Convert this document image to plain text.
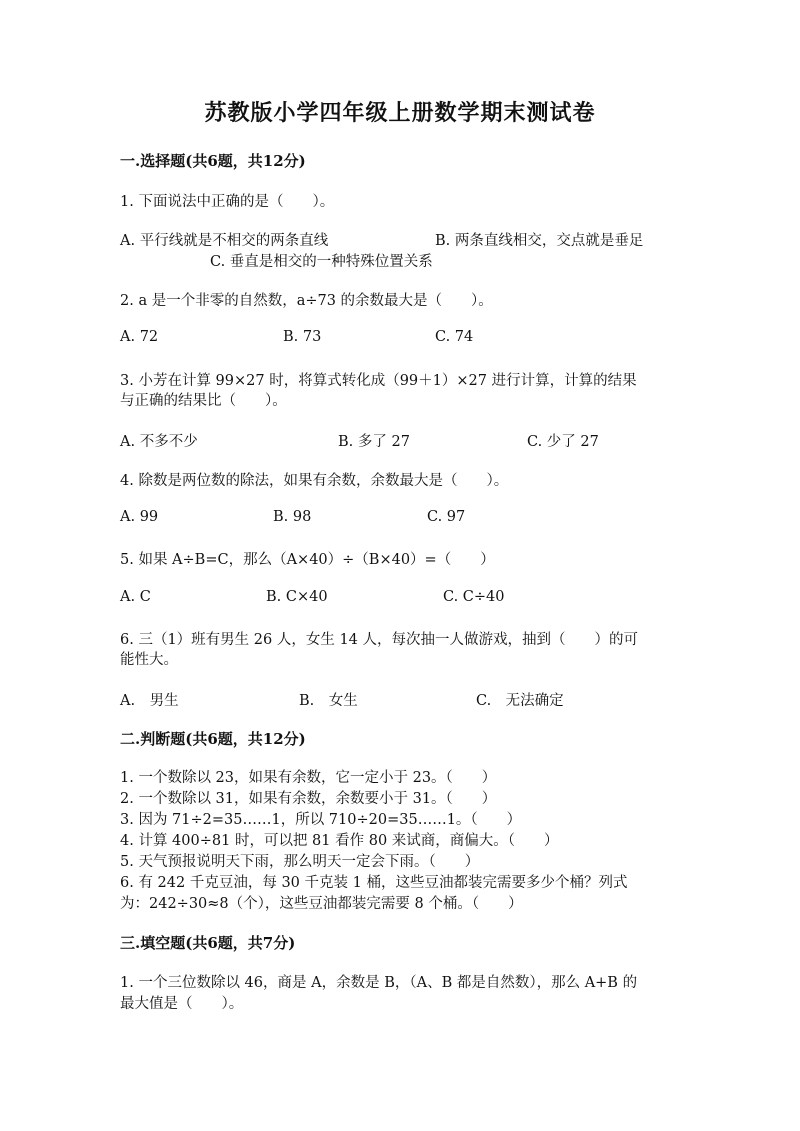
苏教版小学四年级上册数学期末测试卷
一.选择题(共6题，共12分)
1. 下面说法中正确的是（　　）。
A. 平行线就是不相交的两条直线	B. 两条直线相交，交点就是垂足
C. 垂直是相交的一种特殊位置关系
2. a 是一个非零的自然数，a÷73 的余数最大是（　　）。
A. 72	B. 73	C. 74
3. 小芳在计算 99×27 时，将算式转化成（99＋1）×27 进行计算，计算的结果
与正确的结果比（　　）。
A. 不多不少	B. 多了 27	C. 少了 27
4. 除数是两位数的除法，如果有余数，余数最大是（　　）。
A. 99	B. 98	C. 97
5. 如果 A÷B=C，那么（A×40）÷（B×40）=（　　）
A. C	B. C×40	C. C÷40
6. 三（1）班有男生 26 人，女生 14 人，每次抽一人做游戏，抽到（　　）的可
能性大。
A.　男生	B.　女生	C.　无法确定
二.判断题(共6题，共12分)
1. 一个数除以 23，如果有余数，它一定小于 23。（　　）
2. 一个数除以 31，如果有余数，余数要小于 31。（　　）
3. 因为 71÷2=35……1，所以 710÷20=35……1。（　　）
4. 计算 400÷81 时，可以把 81 看作 80 来试商，商偏大。（　　）
5. 天气预报说明天下雨，那么明天一定会下雨。（　　）
6. 有 242 千克豆油，每 30 千克装 1 桶，这些豆油都装完需要多少个桶？列式
为：242÷30≈8（个），这些豆油都装完需要 8 个桶。（　　）
三.填空题(共6题，共7分)
1. 一个三位数除以 46，商是 A，余数是 B，（A、B 都是自然数），那么 A+B 的
最大值是（　　）。
